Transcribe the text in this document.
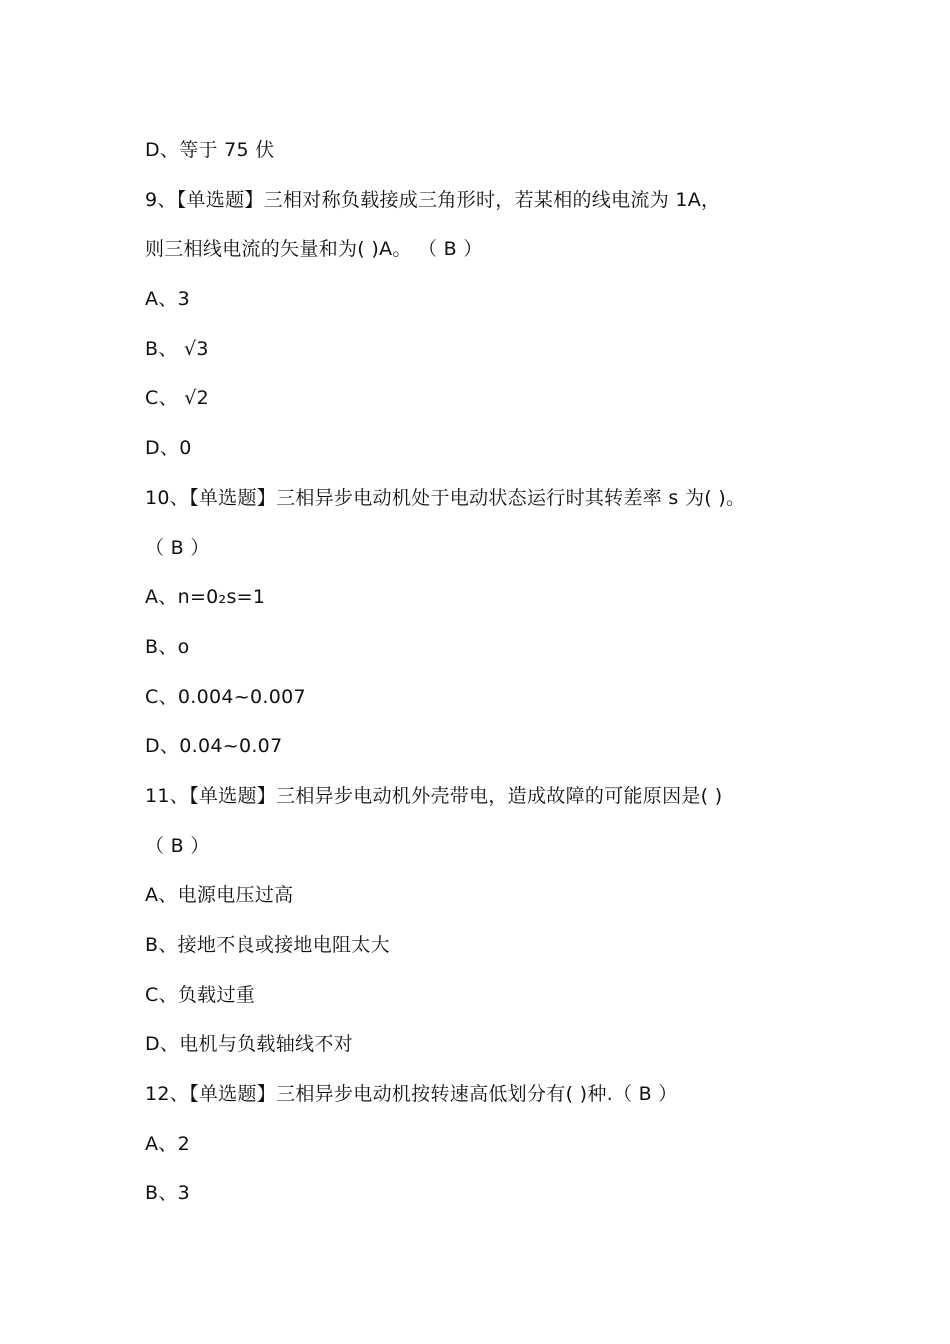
D、等于 75 伏
9、【单选题】三相对称负载接成三角形时，若某相的线电流为 1A，
则三相线电流的矢量和为( )A。 （ B ）
A、3
B、 √3
C、 √2
D、0
10、【单选题】三相异步电动机处于电动状态运行时其转差率 s 为( )。
（ B ）
A、n=0₂s=1
B、o
C、0.004~0.007
D、0.04~0.07
11、【单选题】三相异步电动机外壳带电，造成故障的可能原因是( )
（ B ）
A、电源电压过高
B、接地不良或接地电阻太大
C、负载过重
D、电机与负载轴线不对
12、【单选题】三相异步电动机按转速高低划分有( )种.（ B ）
A、2
B、3
